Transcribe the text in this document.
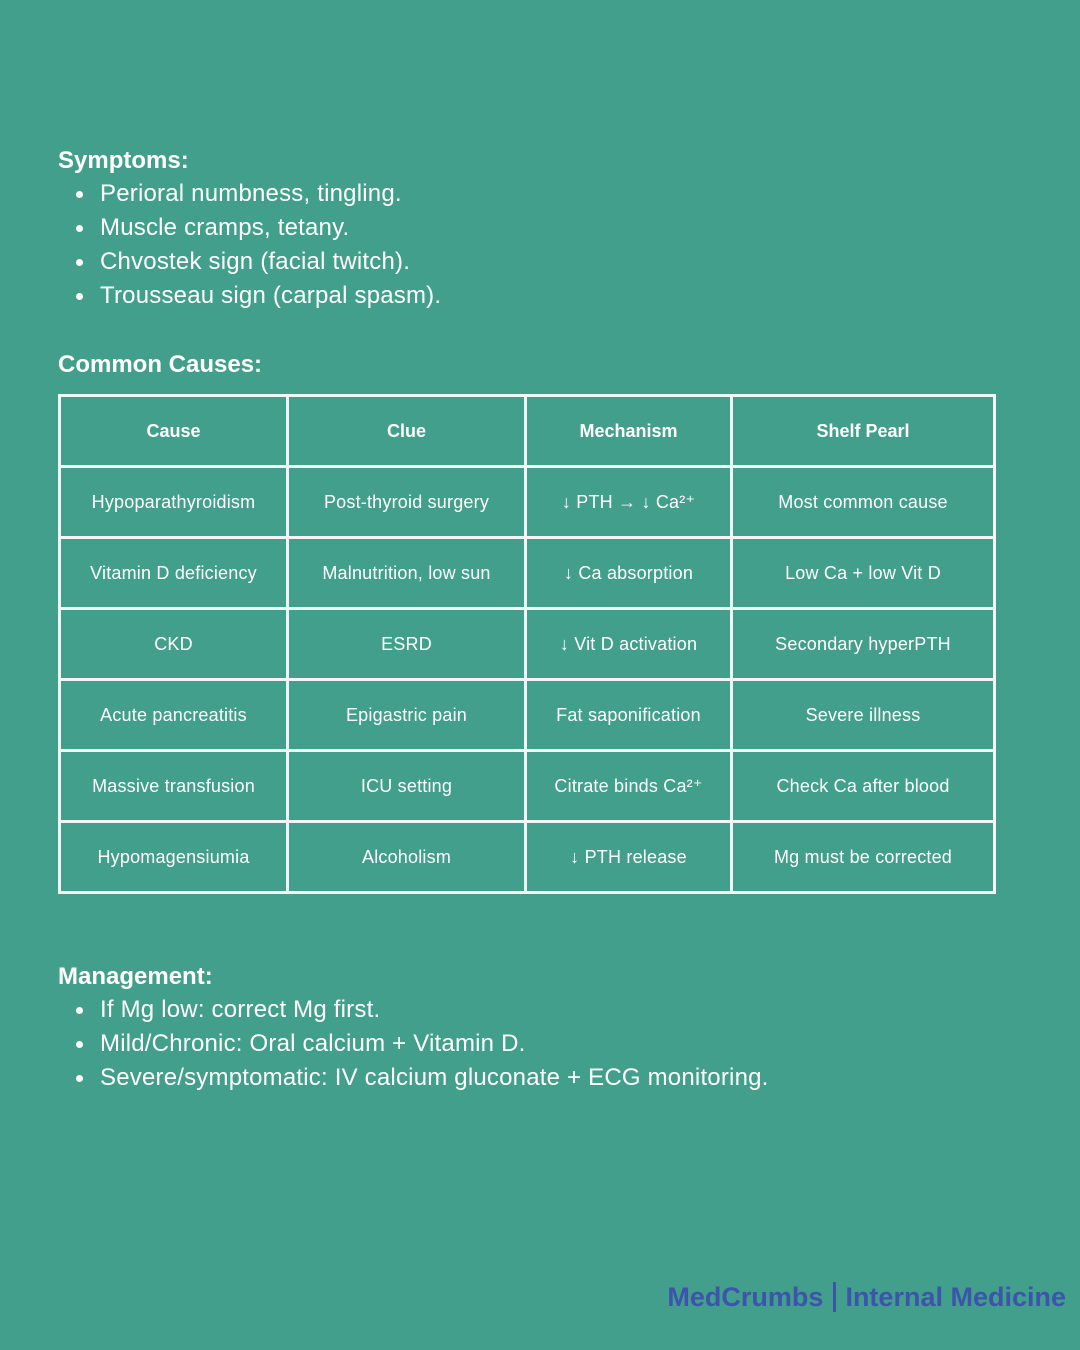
Symptoms:
Perioral numbness, tingling.
Muscle cramps, tetany.
Chvostek sign (facial twitch).
Trousseau sign (carpal spasm).
Common Causes:
Cause	Clue	Mechanism	Shelf Pearl
Hypoparathyroidism	Post-thyroid surgery	↓ PTH → ↓ Ca²⁺	Most common cause
Vitamin D deficiency	Malnutrition, low sun	↓ Ca absorption	Low Ca + low Vit D
CKD	ESRD	↓ Vit D activation	Secondary hyperPTH
Acute pancreatitis	Epigastric pain	Fat saponification	Severe illness
Massive transfusion	ICU setting	Citrate binds Ca²⁺	Check Ca after blood
Hypomagensiumia	Alcoholism	↓ PTH release	Mg must be corrected
Management:
If Mg low: correct Mg first.
Mild/Chronic: Oral calcium + Vitamin D.
Severe/symptomatic: IV calcium gluconate + ECG monitoring.
MedCrumbs Internal Medicine
